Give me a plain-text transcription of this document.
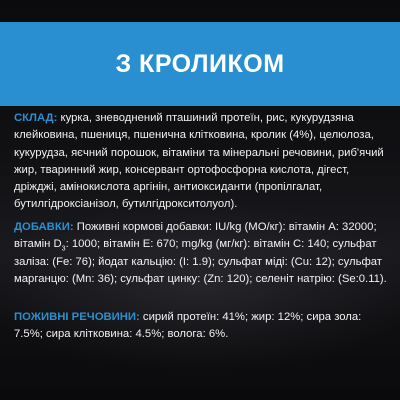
З КРОЛИКОМ

СКЛАД: курка, зневоднений пташиний протеїн, рис, кукурудзяна клейковина, пшениця, пшенична клітковина, кролик (4%), целюлоза, кукурудза, яєчний порошок, вітаміни та мінеральні речовини, риб'ячий жир, тваринний жир, консервант ортофосфорна кислота, дігест, дріжджі, амінокислота аргінін, антиоксиданти (пропілгалат, бутилгідроксіанізол, бутилгідрокситолуол).

ДОБАВКИ: Поживні кормові добавки: IU/kg (МО/кг): вітамін A: 32000; вітамін $D_3$: 1000; вітамін E: 670; mg/kg (мг/кг): вітамін C: 140; сульфат заліза: (Fe: 76); йодат кальцію: (I: 1.9); сульфат міді: (Cu: 12); сульфат марганцю: (Mn: 36); сульфат цинку: (Zn: 120); селеніт натрію: (Se:0.11).

ПОЖИВНІ РЕЧОВИНИ: сирий протеїн: 41%; жир: 12%; сира зола: 7.5%; сира клітковина: 4.5%; волога: 6%.
